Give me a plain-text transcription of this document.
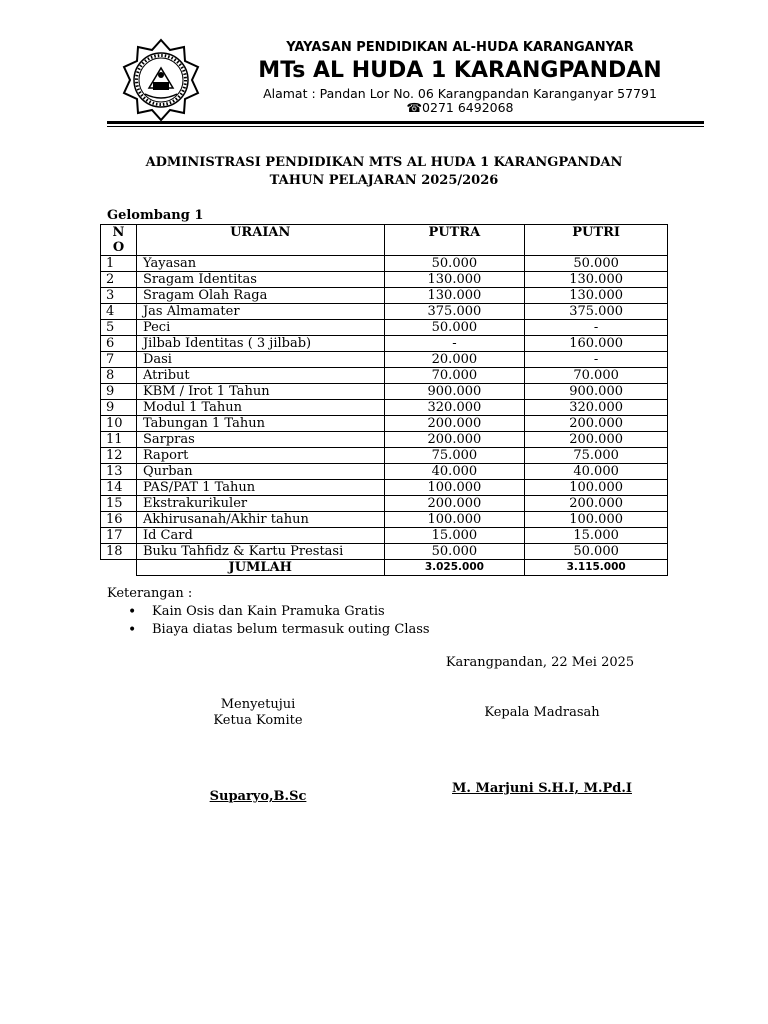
YAYASAN PENDIDIKAN AL-HUDA KARANGANYAR
MTs AL HUDA 1 KARANGPANDAN
Alamat : Pandan Lor No. 06 Karangpandan Karanganyar 57791
☎0271 6492068
ADMINISTRASI PENDIDIKAN MTS AL HUDA 1 KARANGPANDAN
TAHUN PELAJARAN 2025/2026
Gelombang 1
N
O	URAIAN	PUTRA	PUTRI
1	Yayasan	50.000	50.000
2	Sragam Identitas	130.000	130.000
3	Sragam Olah Raga	130.000	130.000
4	Jas Almamater	375.000	375.000
5	Peci	50.000	-
6	Jilbab Identitas ( 3 jilbab)	-	160.000
7	Dasi	20.000	-
8	Atribut	70.000	70.000
9	KBM / Irot 1 Tahun	900.000	900.000
9	Modul 1 Tahun	320.000	320.000
10	Tabungan 1 Tahun	200.000	200.000
11	Sarpras	200.000	200.000
12	Raport	75.000	75.000
13	Qurban	40.000	40.000
14	PAS/PAT 1 Tahun	100.000	100.000
15	Ekstrakurikuler	200.000	200.000
16	Akhirusanah/Akhir tahun	100.000	100.000
17	Id Card	15.000	15.000
18	Buku Tahfidz & Kartu Prestasi	50.000	50.000
	JUMLAH	3.025.000	3.115.000
Keterangan :
• Kain Osis dan Kain Pramuka Gratis
• Biaya diatas belum termasuk outing Class
Karangpandan, 22 Mei 2025
Menyetujui
Ketua Komite
Kepala Madrasah
Suparyo,B.Sc
M. Marjuni S.H.I, M.Pd.I
